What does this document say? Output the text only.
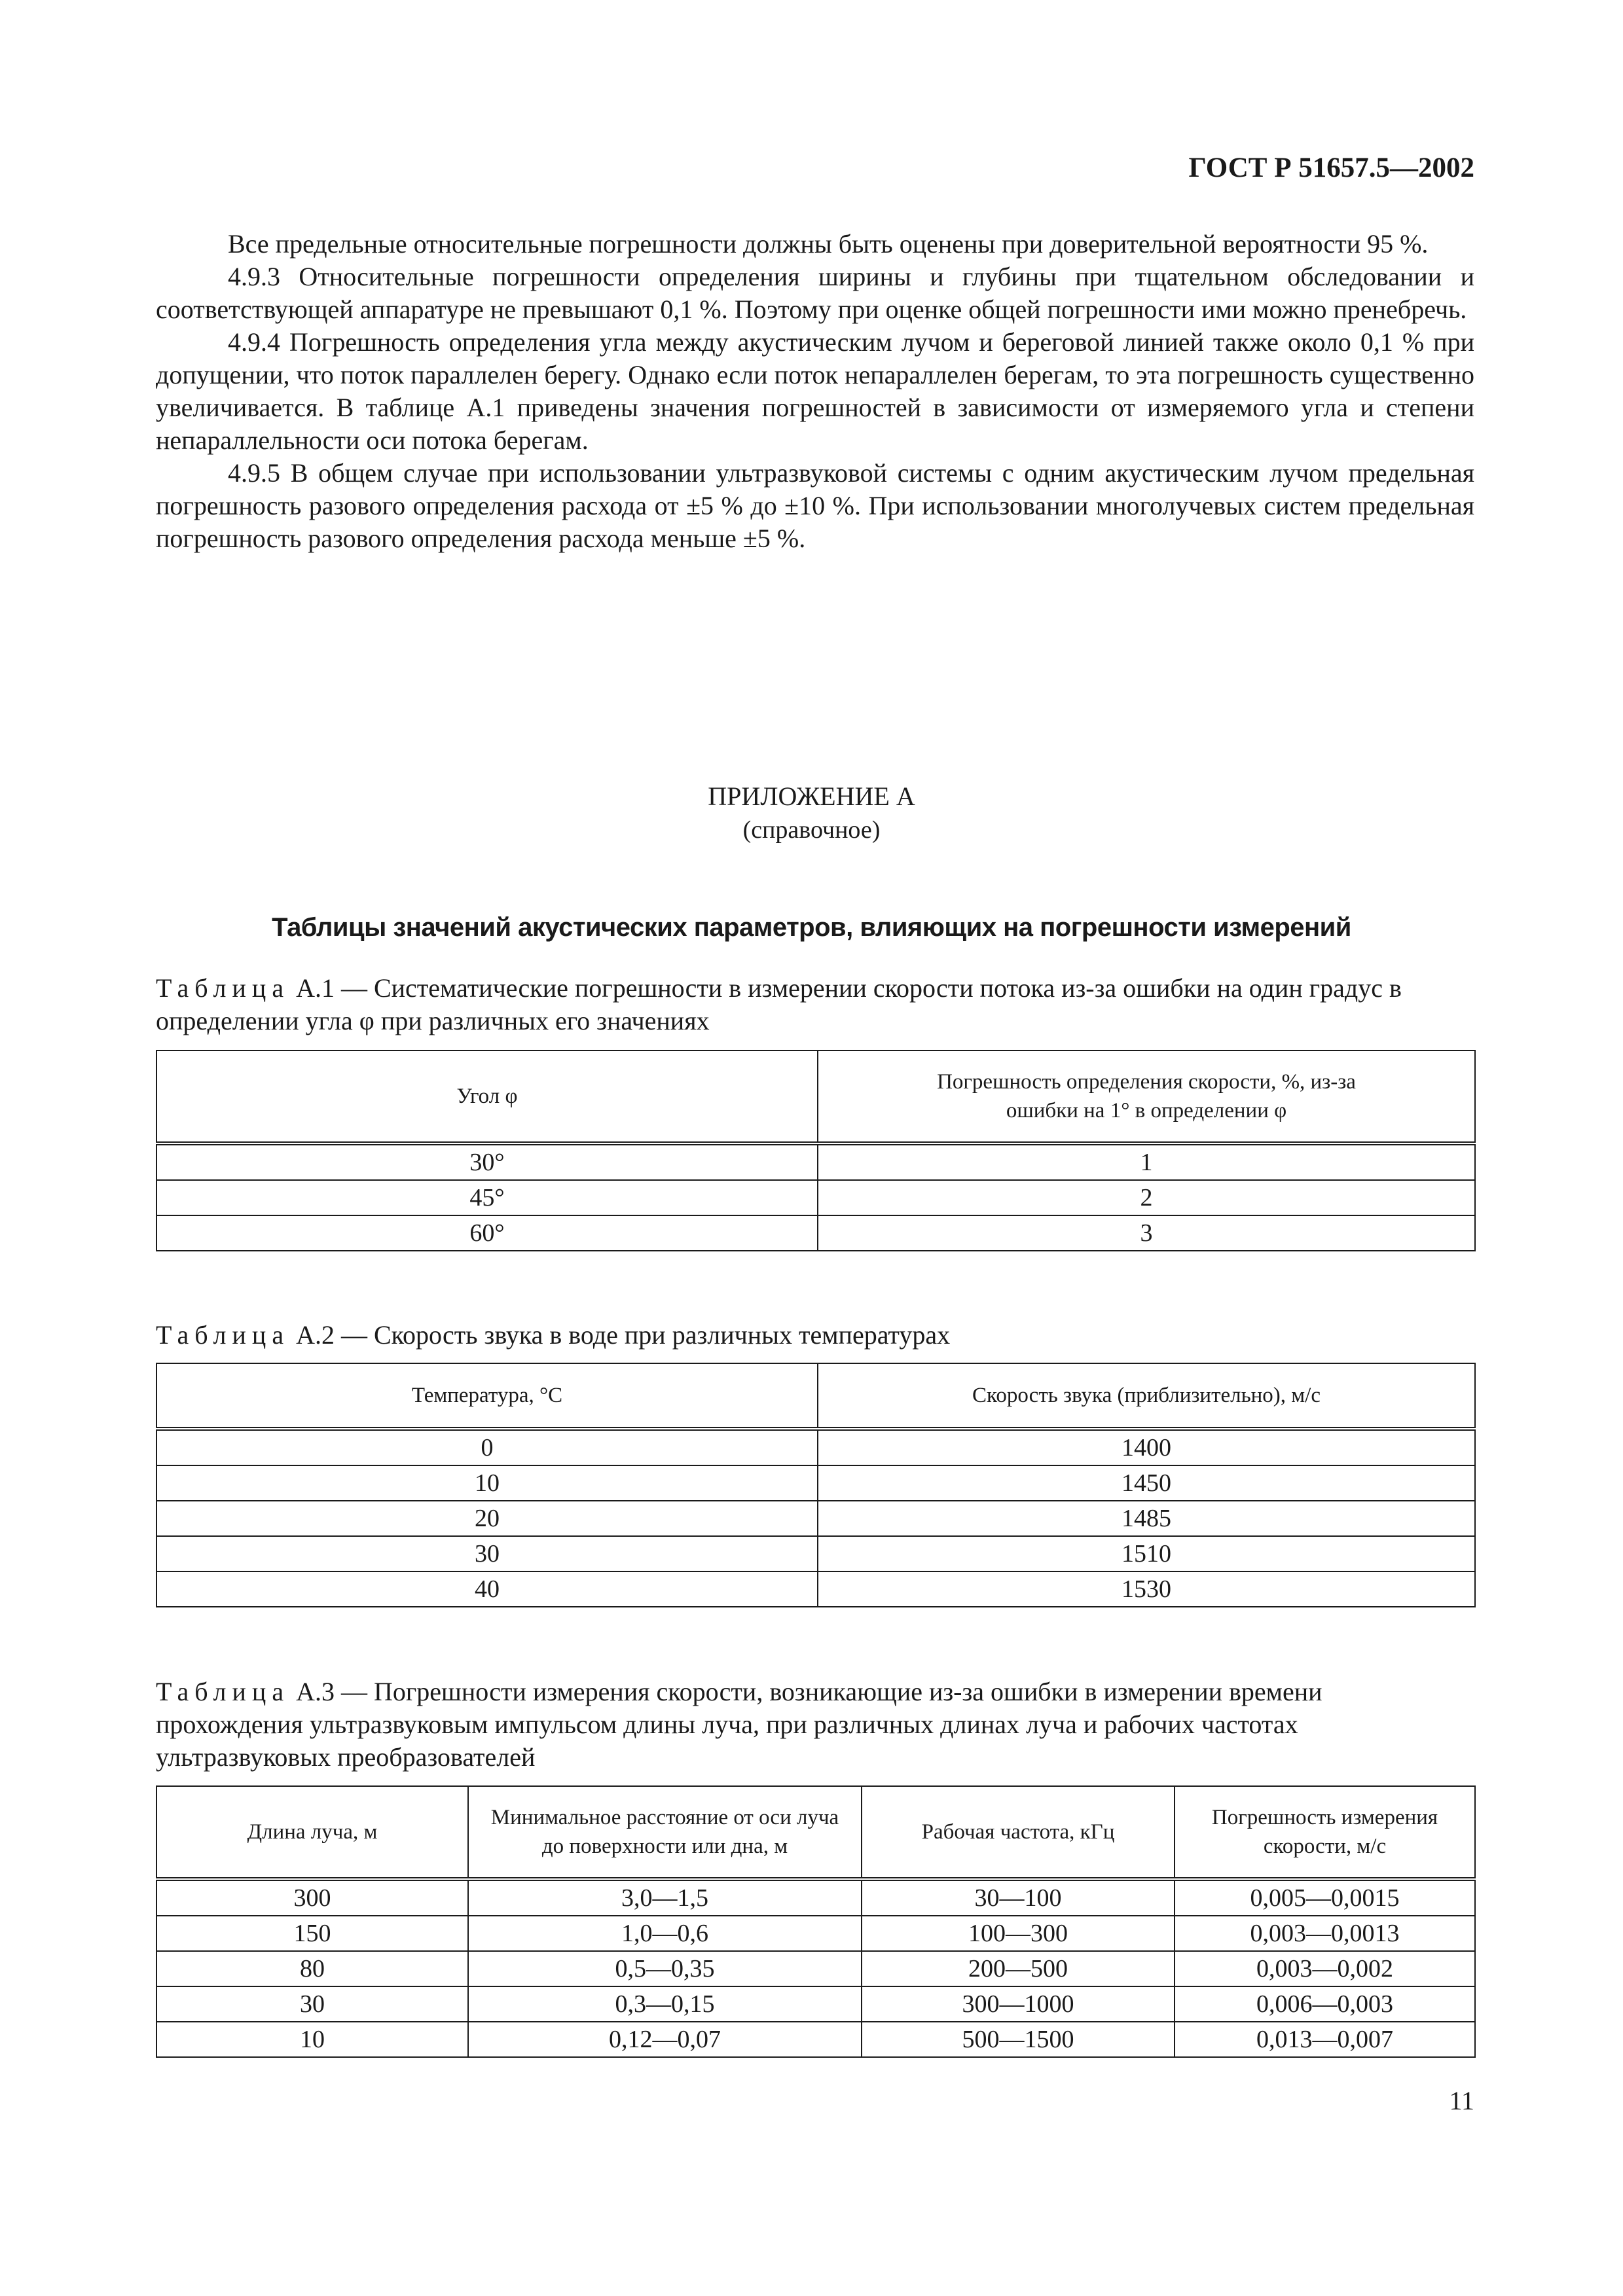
ГОСТ Р 51657.5—2002

Все предельные относительные погрешности должны быть оценены при доверительной вероятности 95 %.

4.9.3 Относительные погрешности определения ширины и глубины при тщательном обследовании и соответствующей аппаратуре не превышают 0,1 %. Поэтому при оценке общей погрешности ими можно пренебречь.

4.9.4 Погрешность определения угла между акустическим лучом и береговой линией также около 0,1 % при допущении, что поток параллелен берегу. Однако если поток непараллелен берегам, то эта погрешность существенно увеличивается. В таблице А.1 приведены значения погрешностей в зависимости от измеряемого угла и степени непараллельности оси потока берегам.

4.9.5 В общем случае при использовании ультразвуковой системы с одним акустическим лучом предельная погрешность разового определения расхода от ±5 % до ±10 %. При использовании многолучевых систем предельная погрешность разового определения расхода меньше ±5 %.

ПРИЛОЖЕНИЕ А
(справочное)
Таблицы значений акустических параметров, влияющих на погрешности измерений
Таблица А.1 — Систематические погрешности в измерении скорости потока из-за ошибки на один градус в определении угла φ при различных его значениях
Угол φ	Погрешность определения скорости, %, из-за ошибки на 1° в определении φ
30°	1
45°	2
60°	3
Таблица А.2 — Скорость звука в воде при различных температурах
Температура, °С	Скорость звука (приблизительно), м/с
0	1400
10	1450
20	1485
30	1510
40	1530
Таблица А.3 — Погрешности измерения скорости, возникающие из-за ошибки в измерении времени прохождения ультразвуковым импульсом длины луча, при различных длинах луча и рабочих частотах ультразвуковых преобразователей
Длина луча, м	Минимальное расстояние от оси луча до поверхности или дна, м	Рабочая частота, кГц	Погрешность измерения скорости, м/с
300	3,0—1,5	30—100	0,005—0,0015
150	1,0—0,6	100—300	0,003—0,0013
80	0,5—0,35	200—500	0,003—0,002
30	0,3—0,15	300—1000	0,006—0,003
10	0,12—0,07	500—1500	0,013—0,007
11
